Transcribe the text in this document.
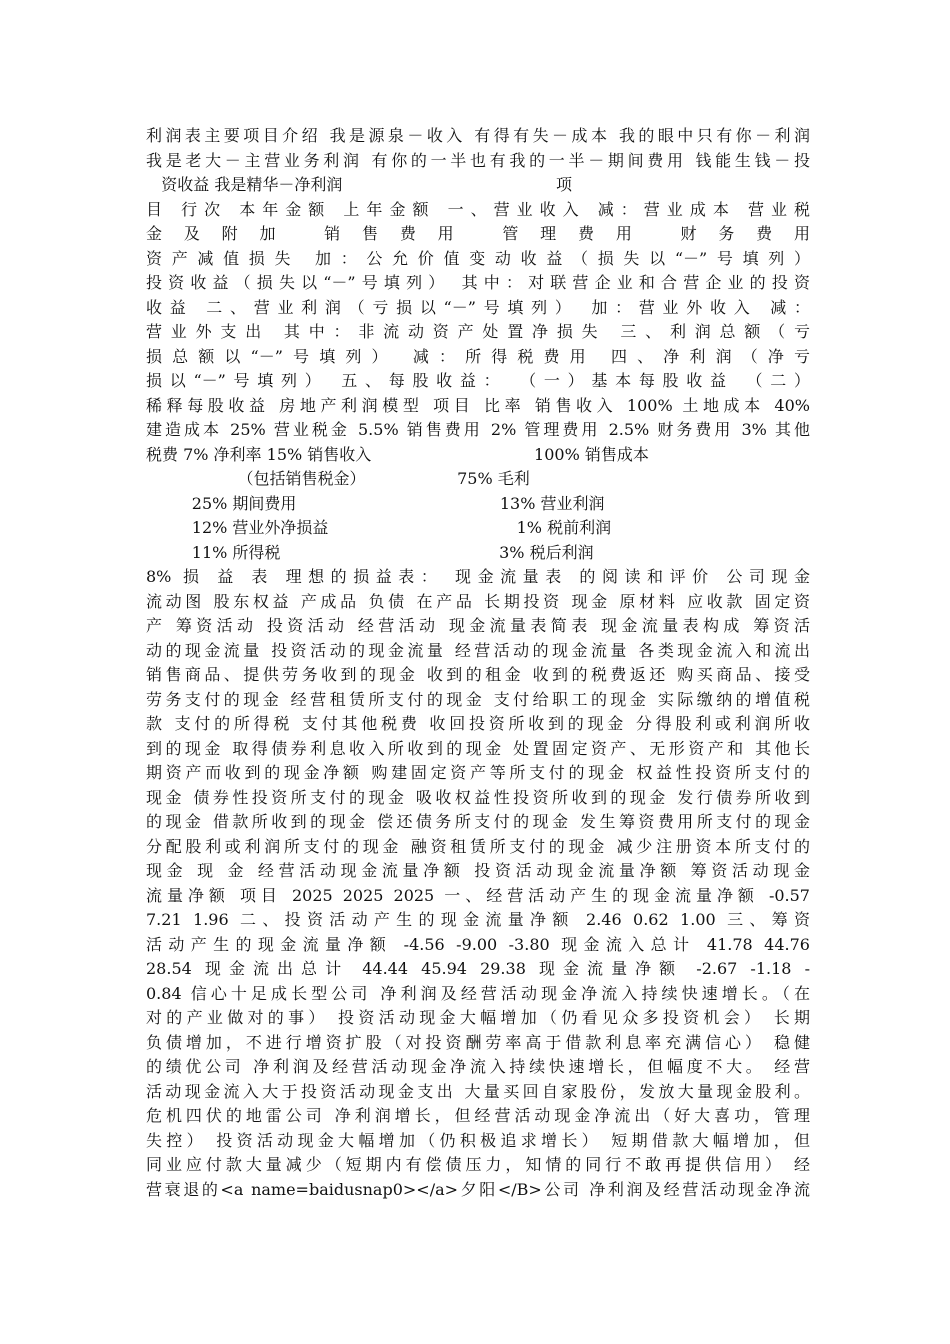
利润表主要项目介绍 我是源泉－收入 有得有失－成本 我的眼中只有你－利润
我是老大－主营业务利润 有你的一半也有我的一半－期间费用 钱能生钱－投
资收益 我是精华－净利润                                          项
目 行次 本年金额 上年金额 一、营业收入 减：营业成本 营业税
金及附加 销售费用 管理费用 财务费用
资产减值损失 加：公允价值变动收益（损失以“－”号填列）
投资收益（损失以“－”号填列） 其中：对联营企业和合营企业的投资
收益 二、营业利润（亏损以“－”号填列） 加：营业外收入 减：
营业外支出 其中：非流动资产处置净损失 三、利润总额（亏
损总额以“－”号填列） 减：所得税费用 四、净利润（净亏
损以“－”号填列） 五、每股收益： （一）基本每股收益 （二）
稀释每股收益 房地产利润模型 项目 比率 销售收入 100% 土地成本 40%
建造成本 25% 营业税金 5.5% 销售费用 2% 管理费用 2.5% 财务费用 3% 其他
税费 7% 净利率 15% 销售收入                                100% 销售成本
（包括销售税金）                  75% 毛利
25% 期间费用                                        13% 营业利润
12% 营业外净损益                                     1% 税前利润
11% 所得税                                           3% 税后利润
8% 损 益 表 理想的损益表： 现金流量表 的阅读和评价 公司现金
流动图 股东权益 产成品 负债 在产品 长期投资 现金 原材料 应收款 固定资
产 筹资活动 投资活动 经营活动 现金流量表简表 现金流量表构成 筹资活
动的现金流量 投资活动的现金流量 经营活动的现金流量 各类现金流入和流出
销售商品、提供劳务收到的现金 收到的租金 收到的税费返还 购买商品、接受
劳务支付的现金 经营租赁所支付的现金 支付给职工的现金 实际缴纳的增值税
款 支付的所得税 支付其他税费 收回投资所收到的现金 分得股利或利润所收
到的现金 取得债券利息收入所收到的现金 处置固定资产、无形资产和 其他长
期资产而收到的现金净额 购建固定资产等所支付的现金 权益性投资所支付的
现金 债券性投资所支付的现金 吸收权益性投资所收到的现金 发行债券所收到
的现金 借款所收到的现金 偿还债务所支付的现金 发生筹资费用所支付的现金
分配股利或利润所支付的现金 融资租赁所支付的现金 减少注册资本所支付的
现金 现 金 经营活动现金流量净额 投资活动现金流量净额 筹资活动现金
流量净额 项目 2025 2025 2025 一、经营活动产生的现金流量净额 -0.57
7.21 1.96 二、投资活动产生的现金流量净额 2.46 0.62 1.00 三、筹资
活动产生的现金流量净额 -4.56 -9.00 -3.80 现金流入总计 41.78 44.76
28.54 现金流出总计 44.44 45.94 29.38 现金流量净额 -2.67 -1.18 -
0.84 信心十足成长型公司 净利润及经营活动现金净流入持续快速增长。（在
对的产业做对的事） 投资活动现金大幅增加（仍看见众多投资机会） 长期
负债增加，不进行增资扩股（对投资酬劳率高于借款利息率充满信心） 稳健
的绩优公司 净利润及经营活动现金净流入持续快速增长，但幅度不大。 经营
活动现金流入大于投资活动现金支出 大量买回自家股份，发放大量现金股利。
危机四伏的地雷公司 净利润增长，但经营活动现金净流出（好大喜功，管理
失控） 投资活动现金大幅增加（仍积极追求增长） 短期借款大幅增加，但
同业应付款大量减少（短期内有偿债压力，知情的同行不敢再提供信用） 经
营衰退的<a name=baidusnap0></a>夕阳</B>公司 净利润及经营活动现金净流
